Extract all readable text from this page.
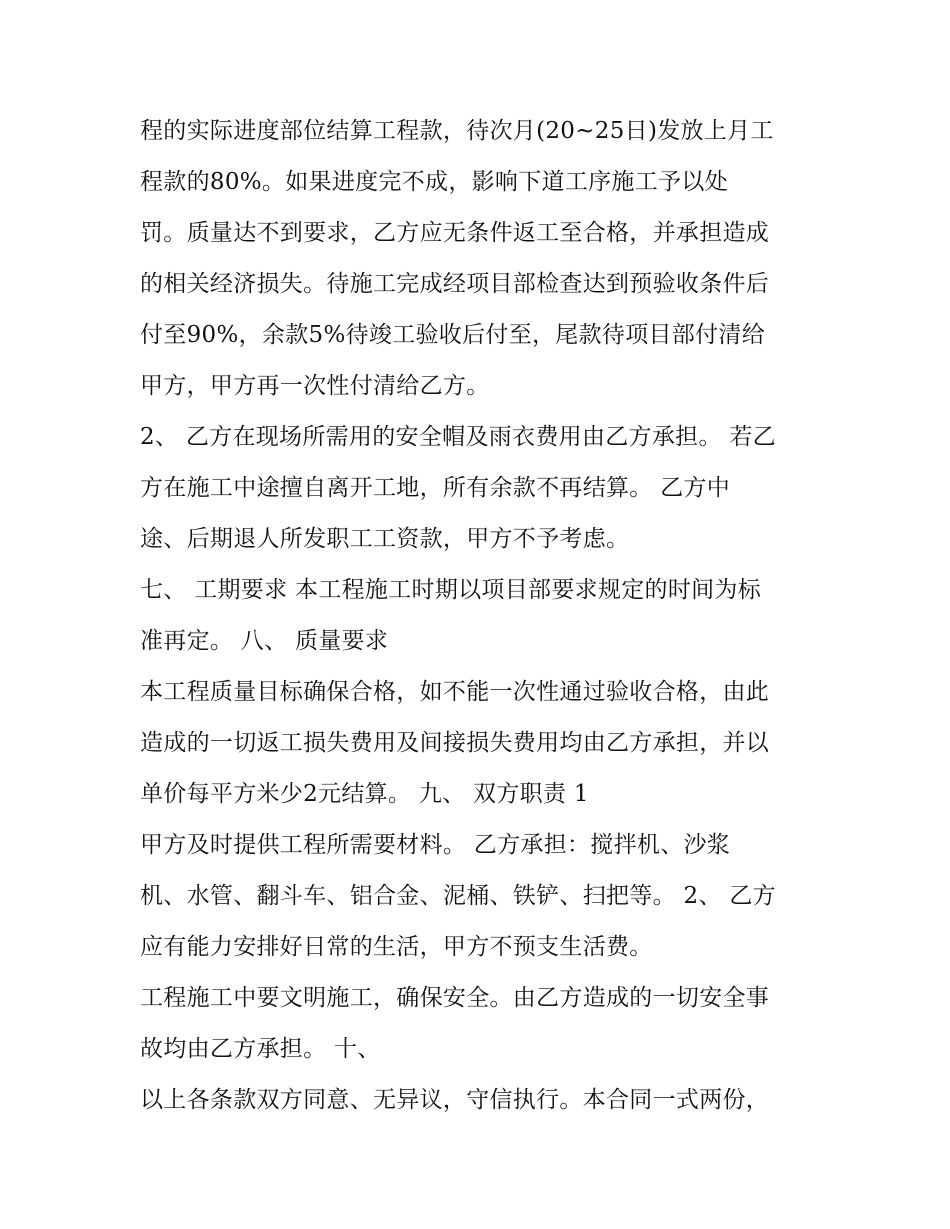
程的实际进度部位结算工程款，待次月(20~25日)发放上月工
程款的80%。如果进度完不成，影响下道工序施工予以处
罚。质量达不到要求，乙方应无条件返工至合格，并承担造成
的相关经济损失。待施工完成经项目部检查达到预验收条件后
付至90%，余款5%待竣工验收后付至，尾款待项目部付清给
甲方，甲方再一次性付清给乙方。
2、 乙方在现场所需用的安全帽及雨衣费用由乙方承担。 若乙
方在施工中途擅自离开工地，所有余款不再结算。 乙方中
途、后期退人所发职工工资款，甲方不予考虑。
七、 工期要求 本工程施工时期以项目部要求规定的时间为标
准再定。 八、 质量要求
本工程质量目标确保合格，如不能一次性通过验收合格，由此
造成的一切返工损失费用及间接损失费用均由乙方承担，并以
单价每平方米少2元结算。 九、 双方职责 1
甲方及时提供工程所需要材料。 乙方承担：搅拌机、沙浆
机、水管、翻斗车、铝合金、泥桶、铁铲、扫把等。 2、 乙方
应有能力安排好日常的生活，甲方不预支生活费。
工程施工中要文明施工，确保安全。由乙方造成的一切安全事
故均由乙方承担。 十、
以上各条款双方同意、无异议，守信执行。本合同一式两份，
